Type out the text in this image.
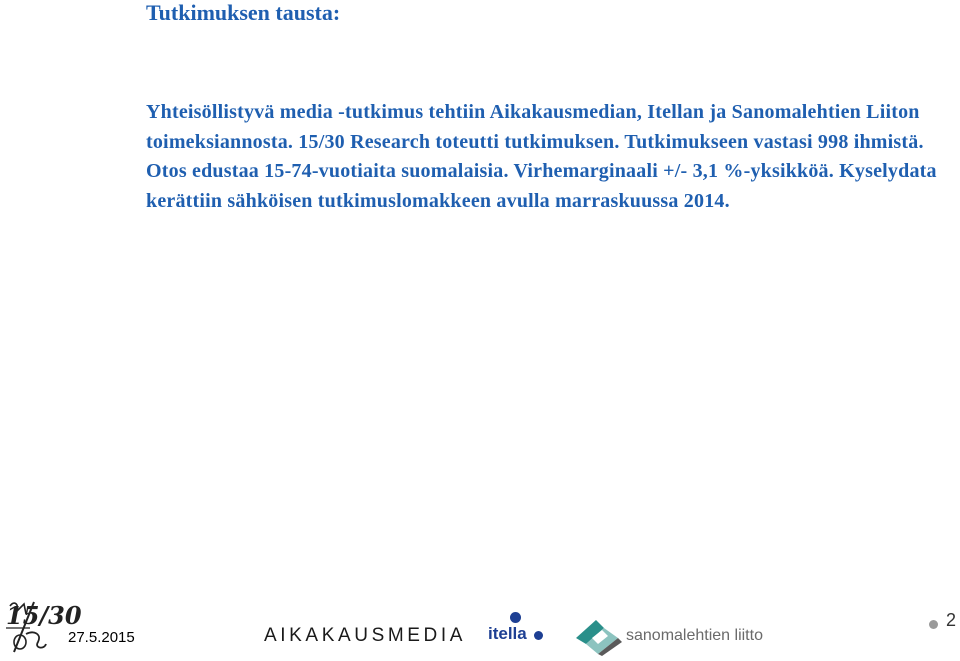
Tutkimuksen tausta:

Yhteisöllistyvä media -tutkimus tehtiin Aikakausmedian, Itellan ja Sanomalehtien Liiton toimeksiannosta. 15/30 Research toteutti tutkimuksen. Tutkimukseen vastasi 998 ihmistä. Otos edustaa 15-74-vuotiaita suomalaisia. Virhemarginaali +/- 3,1 %-yksikköä. Kyselydata kerättiin sähköisen tutkimuslomakkeen avulla marraskuussa 2014.

15/30
27.5.2015	AIKAKAUSMEDIA itella	sanomalehtien liitto
2
